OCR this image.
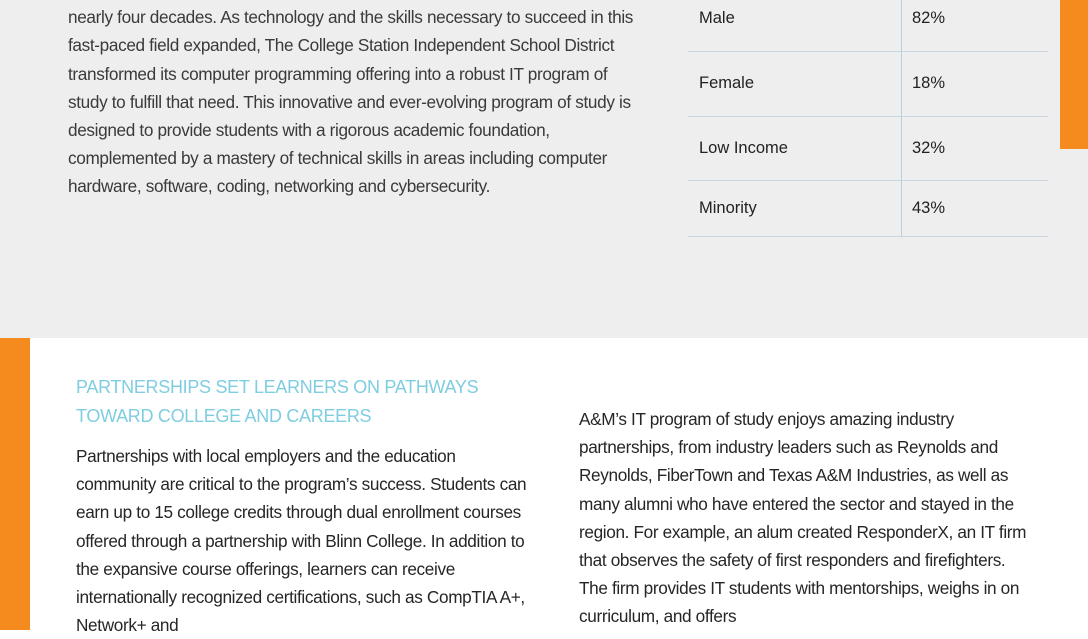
nearly four decades. As technology and the skills necessary to succeed in this fast-paced field expanded, The College Station Independent School District transformed its computer programming offering into a robust IT program of study to fulfill that need. This innovative and ever-evolving program of study is designed to provide students with a rigorous academic foundation, complemented by a mastery of technical skills in areas including computer hardware, software, coding, networking and cybersecurity.

Male	82%
Female	18%
Low Income	32%
Minority	43%
PARTNERSHIPS SET LEARNERS ON PATHWAYS TOWARD COLLEGE AND CAREERS

Partnerships with local employers and the education community are critical to the program’s success. Students can earn up to 15 college credits through dual enrollment courses offered through a partnership with Blinn College. In addition to the expansive course offerings, learners can receive internationally recognized certifications, such as CompTIA A+, Network+ and

A&M’s IT program of study enjoys amazing industry partnerships, from industry leaders such as Reynolds and Reynolds, FiberTown and Texas A&M Industries, as well as many alumni who have entered the sector and stayed in the region. For example, an alum created ResponderX, an IT firm that observes the safety of first responders and firefighters. The firm provides IT students with mentorships, weighs in on curriculum, and offers
